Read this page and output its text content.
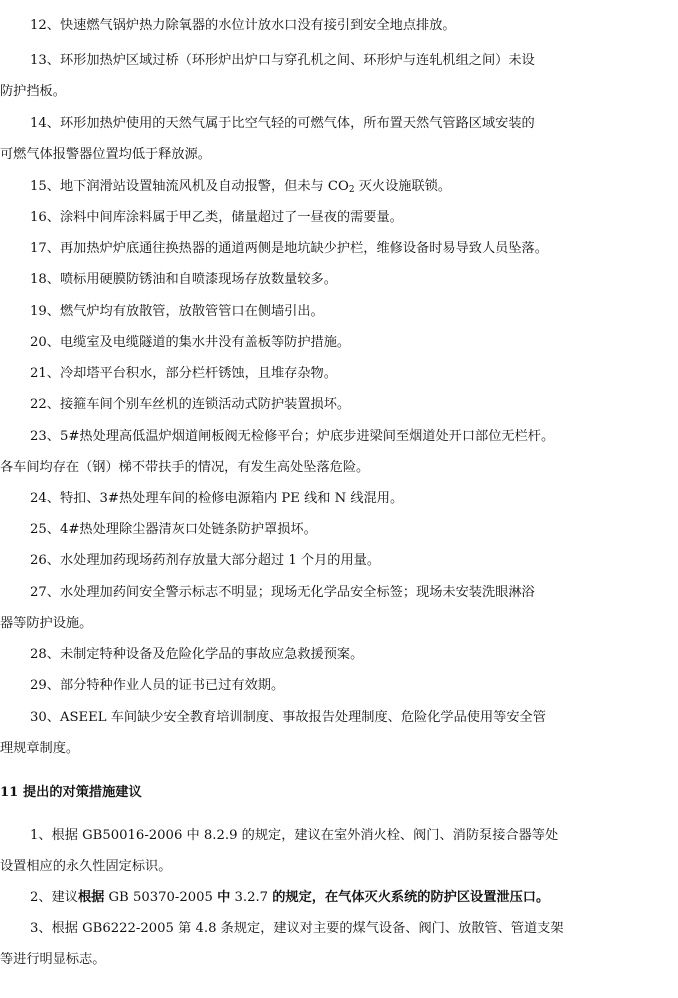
12、快速燃气锅炉热力除氧器的水位计放水口没有接引到安全地点排放。
13、环形加热炉区域过桥（环形炉出炉口与穿孔机之间、环形炉与连轧机组之间）未设
防护挡板。
14、环形加热炉使用的天然气属于比空气轻的可燃气体，所布置天然气管路区域安装的
可燃气体报警器位置均低于释放源。
15、地下润滑站设置轴流风机及自动报警，但未与 $CO_2$ 灭火设施联锁。
16、涂料中间库涂料属于甲乙类，储量超过了一昼夜的需要量。
17、再加热炉炉底通往换热器的通道两侧是地坑缺少护栏，维修设备时易导致人员坠落。
18、喷标用硬膜防锈油和自喷漆现场存放数量较多。
19、燃气炉均有放散管，放散管管口在侧墙引出。
20、电缆室及电缆隧道的集水井没有盖板等防护措施。
21、冷却塔平台积水，部分栏杆锈蚀，且堆存杂物。
22、接箍车间个别车丝机的连锁活动式防护装置损坏。
23、5#热处理高低温炉烟道闸板阀无检修平台；炉底步进梁间至烟道处开口部位无栏杆。
各车间均存在（钢）梯不带扶手的情况，有发生高处坠落危险。
24、特扣、3#热处理车间的检修电源箱内 PE 线和 N 线混用。
25、4#热处理除尘器清灰口处链条防护罩损坏。
26、水处理加药现场药剂存放量大部分超过 1 个月的用量。
27、水处理加药间安全警示标志不明显；现场无化学品安全标签；现场未安装洗眼淋浴
器等防护设施。
28、未制定特种设备及危险化学品的事故应急救援预案。
29、部分特种作业人员的证书已过有效期。
30、ASEEL 车间缺少安全教育培训制度、事故报告处理制度、危险化学品使用等安全管
理规章制度。
11 提出的对策措施建议
1、根据 GB50016-2006 中 8.2.9 的规定，建议在室外消火栓、阀门、消防泵接合器等处
设置相应的永久性固定标识。
2、建议根据 GB 50370-2005 中 3.2.7 的规定，在气体灭火系统的防护区设置泄压口。
3、根据 GB6222-2005 第 4.8 条规定，建议对主要的煤气设备、阀门、放散管、管道支架
等进行明显标志。
